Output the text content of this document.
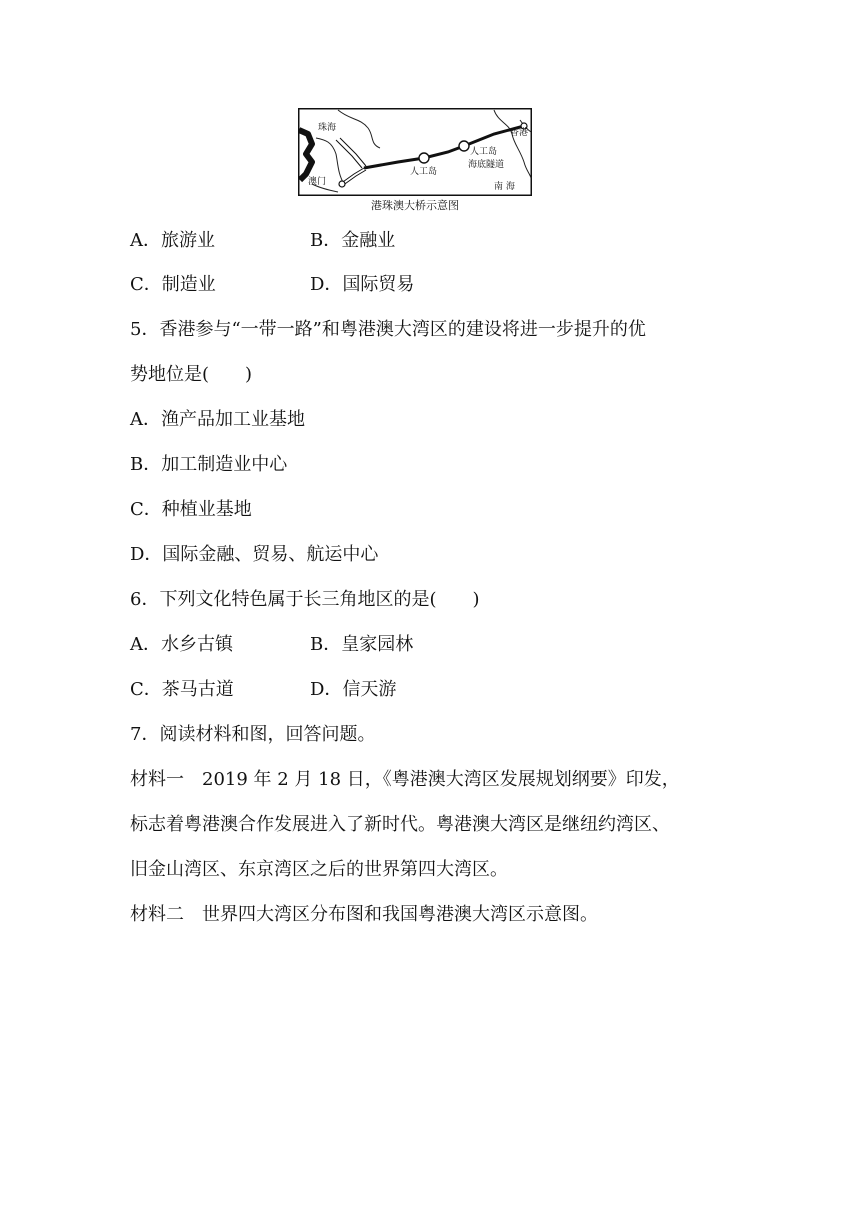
珠海
澳门
香港
人工岛
人工岛
海底隧道
南 海
港珠澳大桥示意图
A．旅游业	B．金融业
C．制造业	D．国际贸易
5．香港参与“一带一路”和粤港澳大湾区的建设将进一步提升的优
势地位是(　　)
A．渔产品加工业基地
B．加工制造业中心
C．种植业基地
D．国际金融、贸易、航运中心
6．下列文化特色属于长三角地区的是(　　)
A．水乡古镇	B．皇家园林
C．茶马古道	D．信天游
7．阅读材料和图，回答问题。
材料一　2019 年 2 月 18 日，《粤港澳大湾区发展规划纲要》印发，
标志着粤港澳合作发展进入了新时代。粤港澳大湾区是继纽约湾区、
旧金山湾区、东京湾区之后的世界第四大湾区。
材料二　世界四大湾区分布图和我国粤港澳大湾区示意图。
